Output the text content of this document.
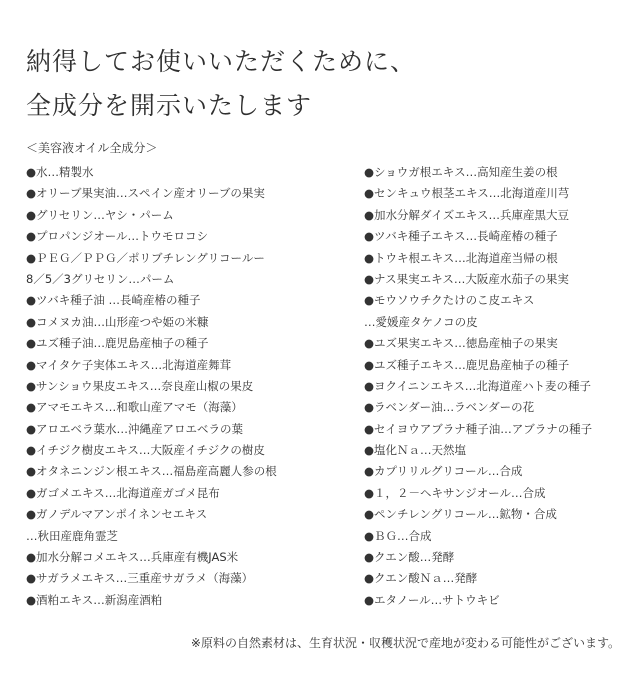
納得してお使いいただくために、
全成分を開示いたします
＜美容液オイル全成分＞
●水…精製水
●オリーブ果実油…スペイン産オリーブの果実
●グリセリン…ヤシ・パーム
●プロパンジオール…トウモロコシ
●ＰＥＧ／ＰＰＧ／ポリブチレングリコールー
8／5／3グリセリン…パーム
●ツバキ種子油 …長崎産椿の種子
●コメヌカ油…山形産つや姫の米糠
●ユズ種子油…鹿児島産柚子の種子
●マイタケ子実体エキス…北海道産舞茸
●サンショウ果皮エキス…奈良産山椒の果皮
●アマモエキス…和歌山産アマモ（海藻）
●アロエベラ葉水…沖縄産アロエベラの葉
●イチジク樹皮エキス…大阪産イチジクの樹皮
●オタネニンジン根エキス…福島産高麗人参の根
●ガゴメエキス…北海道産ガゴメ昆布
●ガノデルマアンポイネンセエキス
…秋田産鹿角霊芝
●加水分解コメエキス…兵庫産有機JAS米
●サガラメエキス…三重産サガラメ（海藻）
●酒粕エキス…新潟産酒粕
●ショウガ根エキス…高知産生姜の根
●センキュウ根茎エキス…北海道産川芎
●加水分解ダイズエキス…兵庫産黒大豆
●ツバキ種子エキス…長崎産椿の種子
●トウキ根エキス…北海道産当帰の根
●ナス果実エキス…大阪産水茄子の果実
●モウソウチクたけのこ皮エキス
…愛媛産タケノコの皮
●ユズ果実エキス…徳島産柚子の果実
●ユズ種子エキス…鹿児島産柚子の種子
●ヨクイニンエキス…北海道産ハト麦の種子
●ラベンダー油…ラベンダーの花
●セイヨウアブラナ種子油…アブラナの種子
●塩化Ｎａ…天然塩
●カプリリルグリコール…合成
●１，２－ヘキサンジオール…合成
●ペンチレングリコール…鉱物・合成
●ＢＧ…合成
●クエン酸…発酵
●クエン酸Ｎａ…発酵
●エタノール…サトウキビ
※原料の自然素材は、生育状況・収穫状況で産地が変わる可能性がございます。
